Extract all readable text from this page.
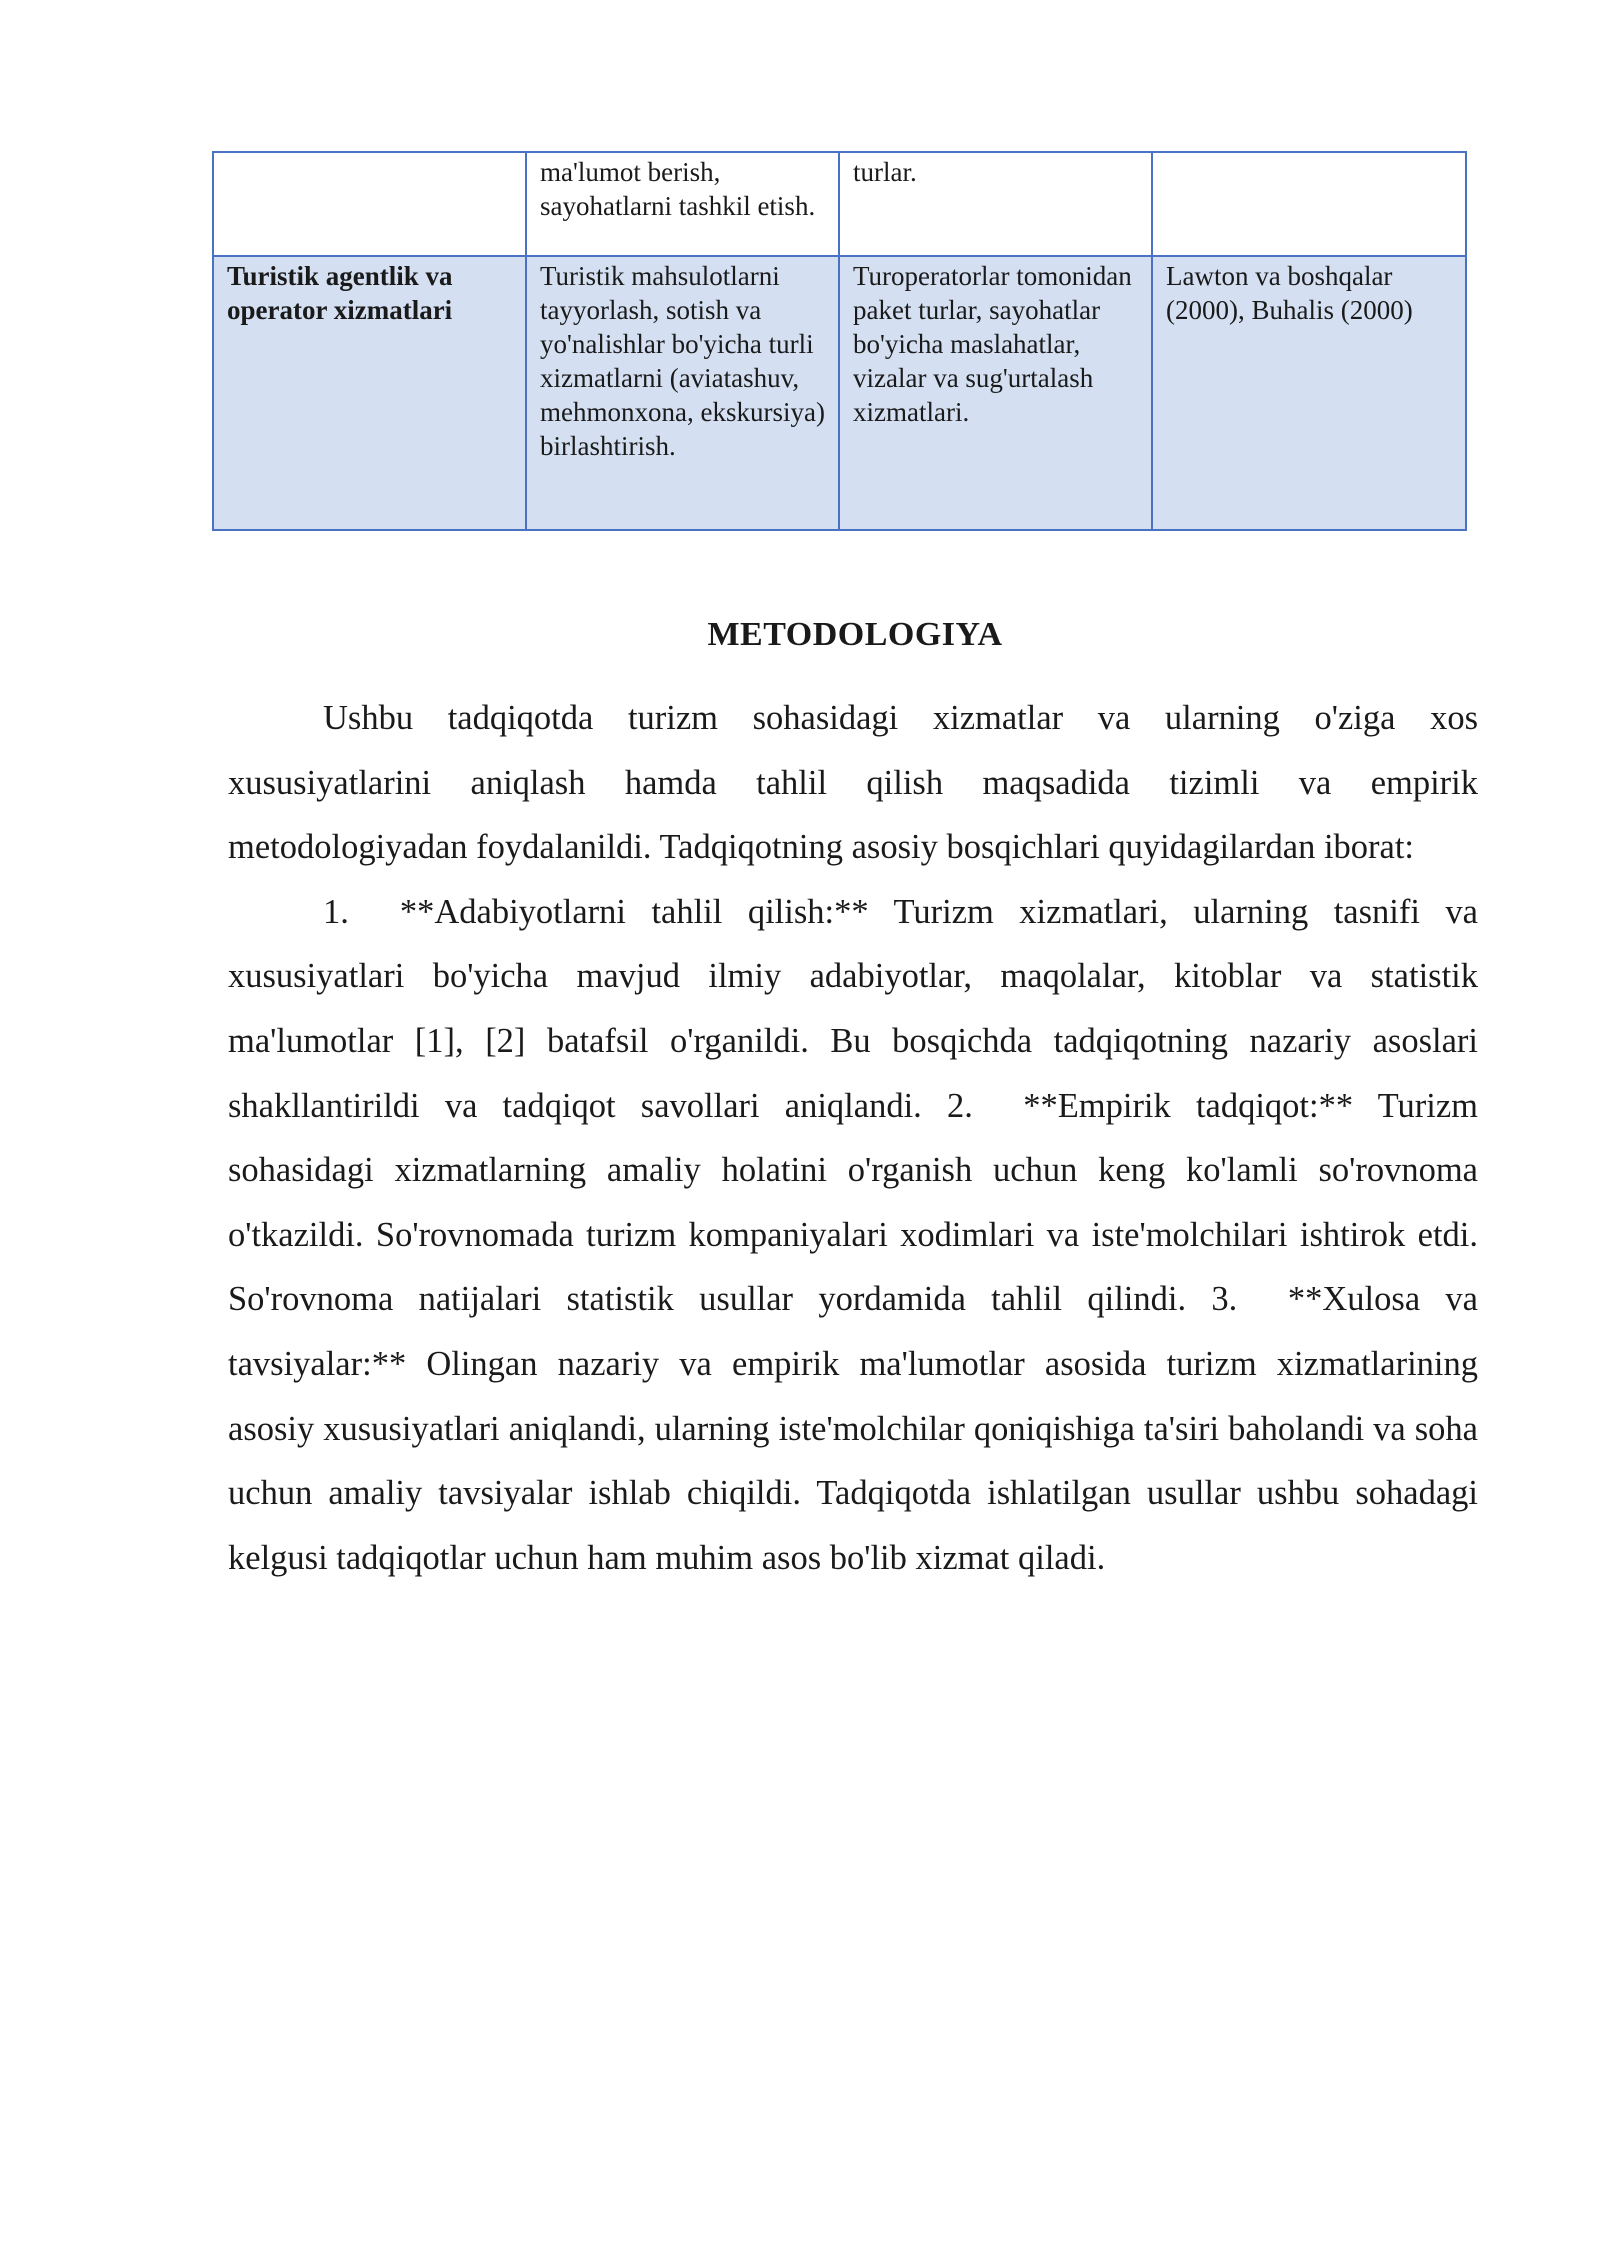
	ma'lumot berish, sayohatlarni tashkil etish.	turlar.	
Turistik agentlik va operator xizmatlari	Turistik mahsulotlarni tayyorlash, sotish va yo'nalishlar bo'yicha turli xizmatlarni (aviatashuv, mehmonxona, ekskursiya) birlashtirish.	Turoperatorlar tomonidan paket turlar, sayohatlar bo'yicha maslahatlar, vizalar va sug'urtalash xizmatlari.	Lawton va boshqalar (2000), Buhalis (2000)
METODOLOGIYA

Ushbu tadqiqotda turizm sohasidagi xizmatlar va ularning o'ziga xos xususiyatlarini aniqlash hamda tahlil qilish maqsadida tizimli va empirik metodologiyadan foydalanildi. Tadqiqotning asosiy bosqichlari quyidagilardan iborat:

1.  **Adabiyotlarni tahlil qilish:** Turizm xizmatlari, ularning tasnifi va xususiyatlari bo'yicha mavjud ilmiy adabiyotlar, maqolalar, kitoblar va statistik ma'lumotlar [1], [2] batafsil o'rganildi. Bu bosqichda tadqiqotning nazariy asoslari shakllantirildi va tadqiqot savollari aniqlandi. 2.  **Empirik tadqiqot:** Turizm sohasidagi xizmatlarning amaliy holatini o'rganish uchun keng ko'lamli so'rovnoma o'tkazildi. So'rovnomada turizm kompaniyalari xodimlari va iste'molchilari ishtirok etdi. So'rovnoma natijalari statistik usullar yordamida tahlil qilindi. 3.  **Xulosa va tavsiyalar:** Olingan nazariy va empirik ma'lumotlar asosida turizm xizmatlarining asosiy xususiyatlari aniqlandi, ularning iste'molchilar qoniqishiga ta'siri baholandi va soha uchun amaliy tavsiyalar ishlab chiqildi. Tadqiqotda ishlatilgan usullar ushbu sohadagi kelgusi tadqiqotlar uchun ham muhim asos bo'lib xizmat qiladi.
